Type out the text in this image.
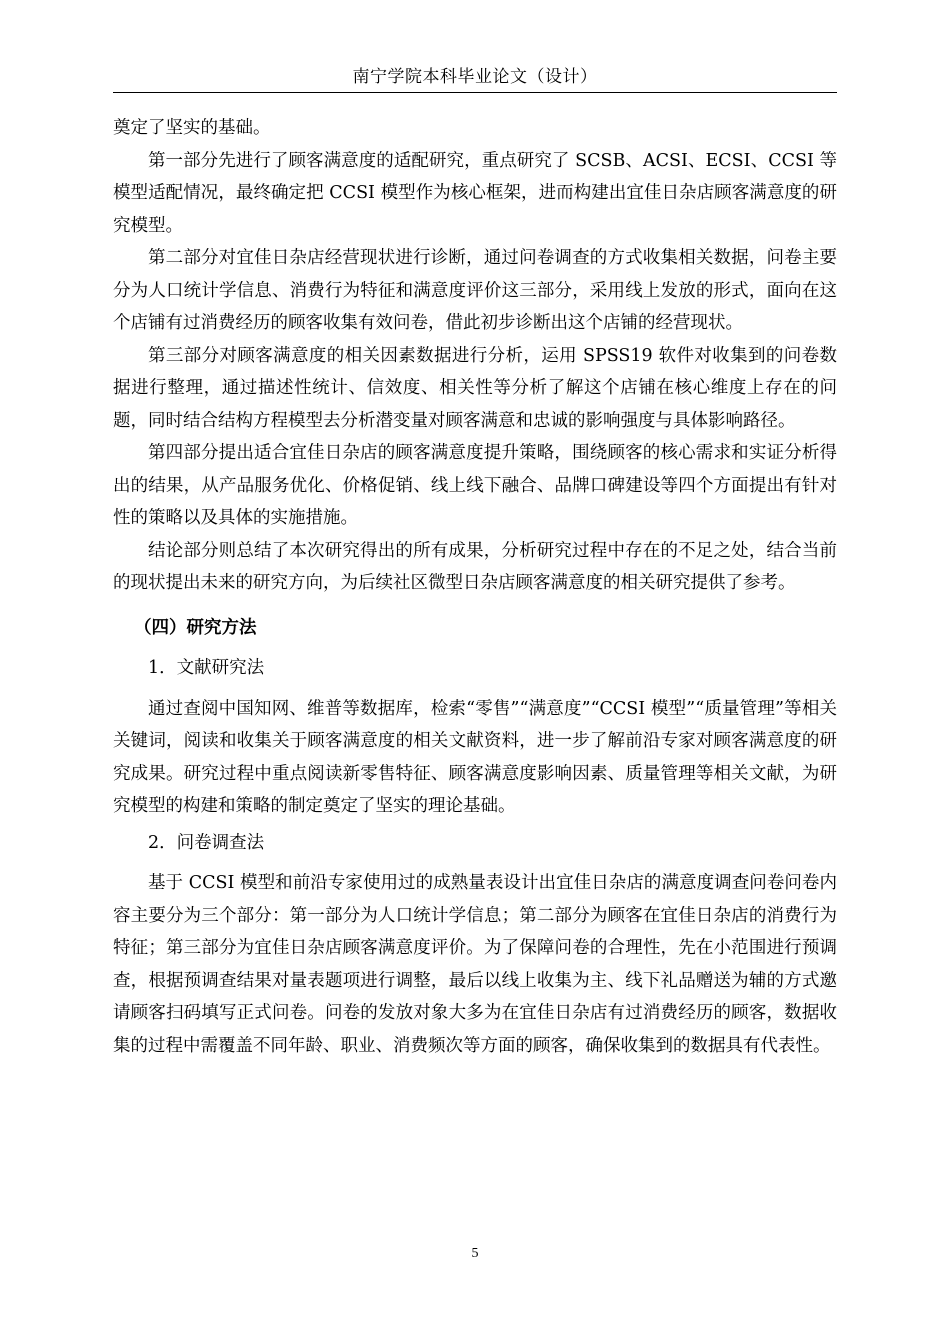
南宁学院本科毕业论文（设计）

奠定了坚实的基础。

第一部分先进行了顾客满意度的适配研究，重点研究了 SCSB、ACSI、ECSI、CCSI 等模型适配情况，最终确定把 CCSI 模型作为核心框架，进而构建出宜佳日杂店顾客满意度的研究模型。

第二部分对宜佳日杂店经营现状进行诊断，通过问卷调查的方式收集相关数据，问卷主要分为人口统计学信息、消费行为特征和满意度评价这三部分，采用线上发放的形式，面向在这个店铺有过消费经历的顾客收集有效问卷，借此初步诊断出这个店铺的经营现状。

第三部分对顾客满意度的相关因素数据进行分析，运用 SPSS19 软件对收集到的问卷数据进行整理，通过描述性统计、信效度、相关性等分析了解这个店铺在核心维度上存在的问题，同时结合结构方程模型去分析潜变量对顾客满意和忠诚的影响强度与具体影响路径。

第四部分提出适合宜佳日杂店的顾客满意度提升策略，围绕顾客的核心需求和实证分析得出的结果，从产品服务优化、价格促销、线上线下融合、品牌口碑建设等四个方面提出有针对性的策略以及具体的实施措施。

结论部分则总结了本次研究得出的所有成果，分析研究过程中存在的不足之处，结合当前的现状提出未来的研究方向，为后续社区微型日杂店顾客满意度的相关研究提供了参考。

（四）研究方法
1．文献研究法

通过查阅中国知网、维普等数据库，检索“零售”“满意度”“CCSI 模型”“质量管理”等相关关键词，阅读和收集关于顾客满意度的相关文献资料，进一步了解前沿专家对顾客满意度的研究成果。研究过程中重点阅读新零售特征、顾客满意度影响因素、质量管理等相关文献，为研究模型的构建和策略的制定奠定了坚实的理论基础。

2．问卷调查法

基于 CCSI 模型和前沿专家使用过的成熟量表设计出宜佳日杂店的满意度调查问卷问卷内容主要分为三个部分：第一部分为人口统计学信息；第二部分为顾客在宜佳日杂店的消费行为特征；第三部分为宜佳日杂店顾客满意度评价。为了保障问卷的合理性，先在小范围进行预调查，根据预调查结果对量表题项进行调整，最后以线上收集为主、线下礼品赠送为辅的方式邀请顾客扫码填写正式问卷。问卷的发放对象大多为在宜佳日杂店有过消费经历的顾客，数据收集的过程中需覆盖不同年龄、职业、消费频次等方面的顾客，确保收集到的数据具有代表性。

5
